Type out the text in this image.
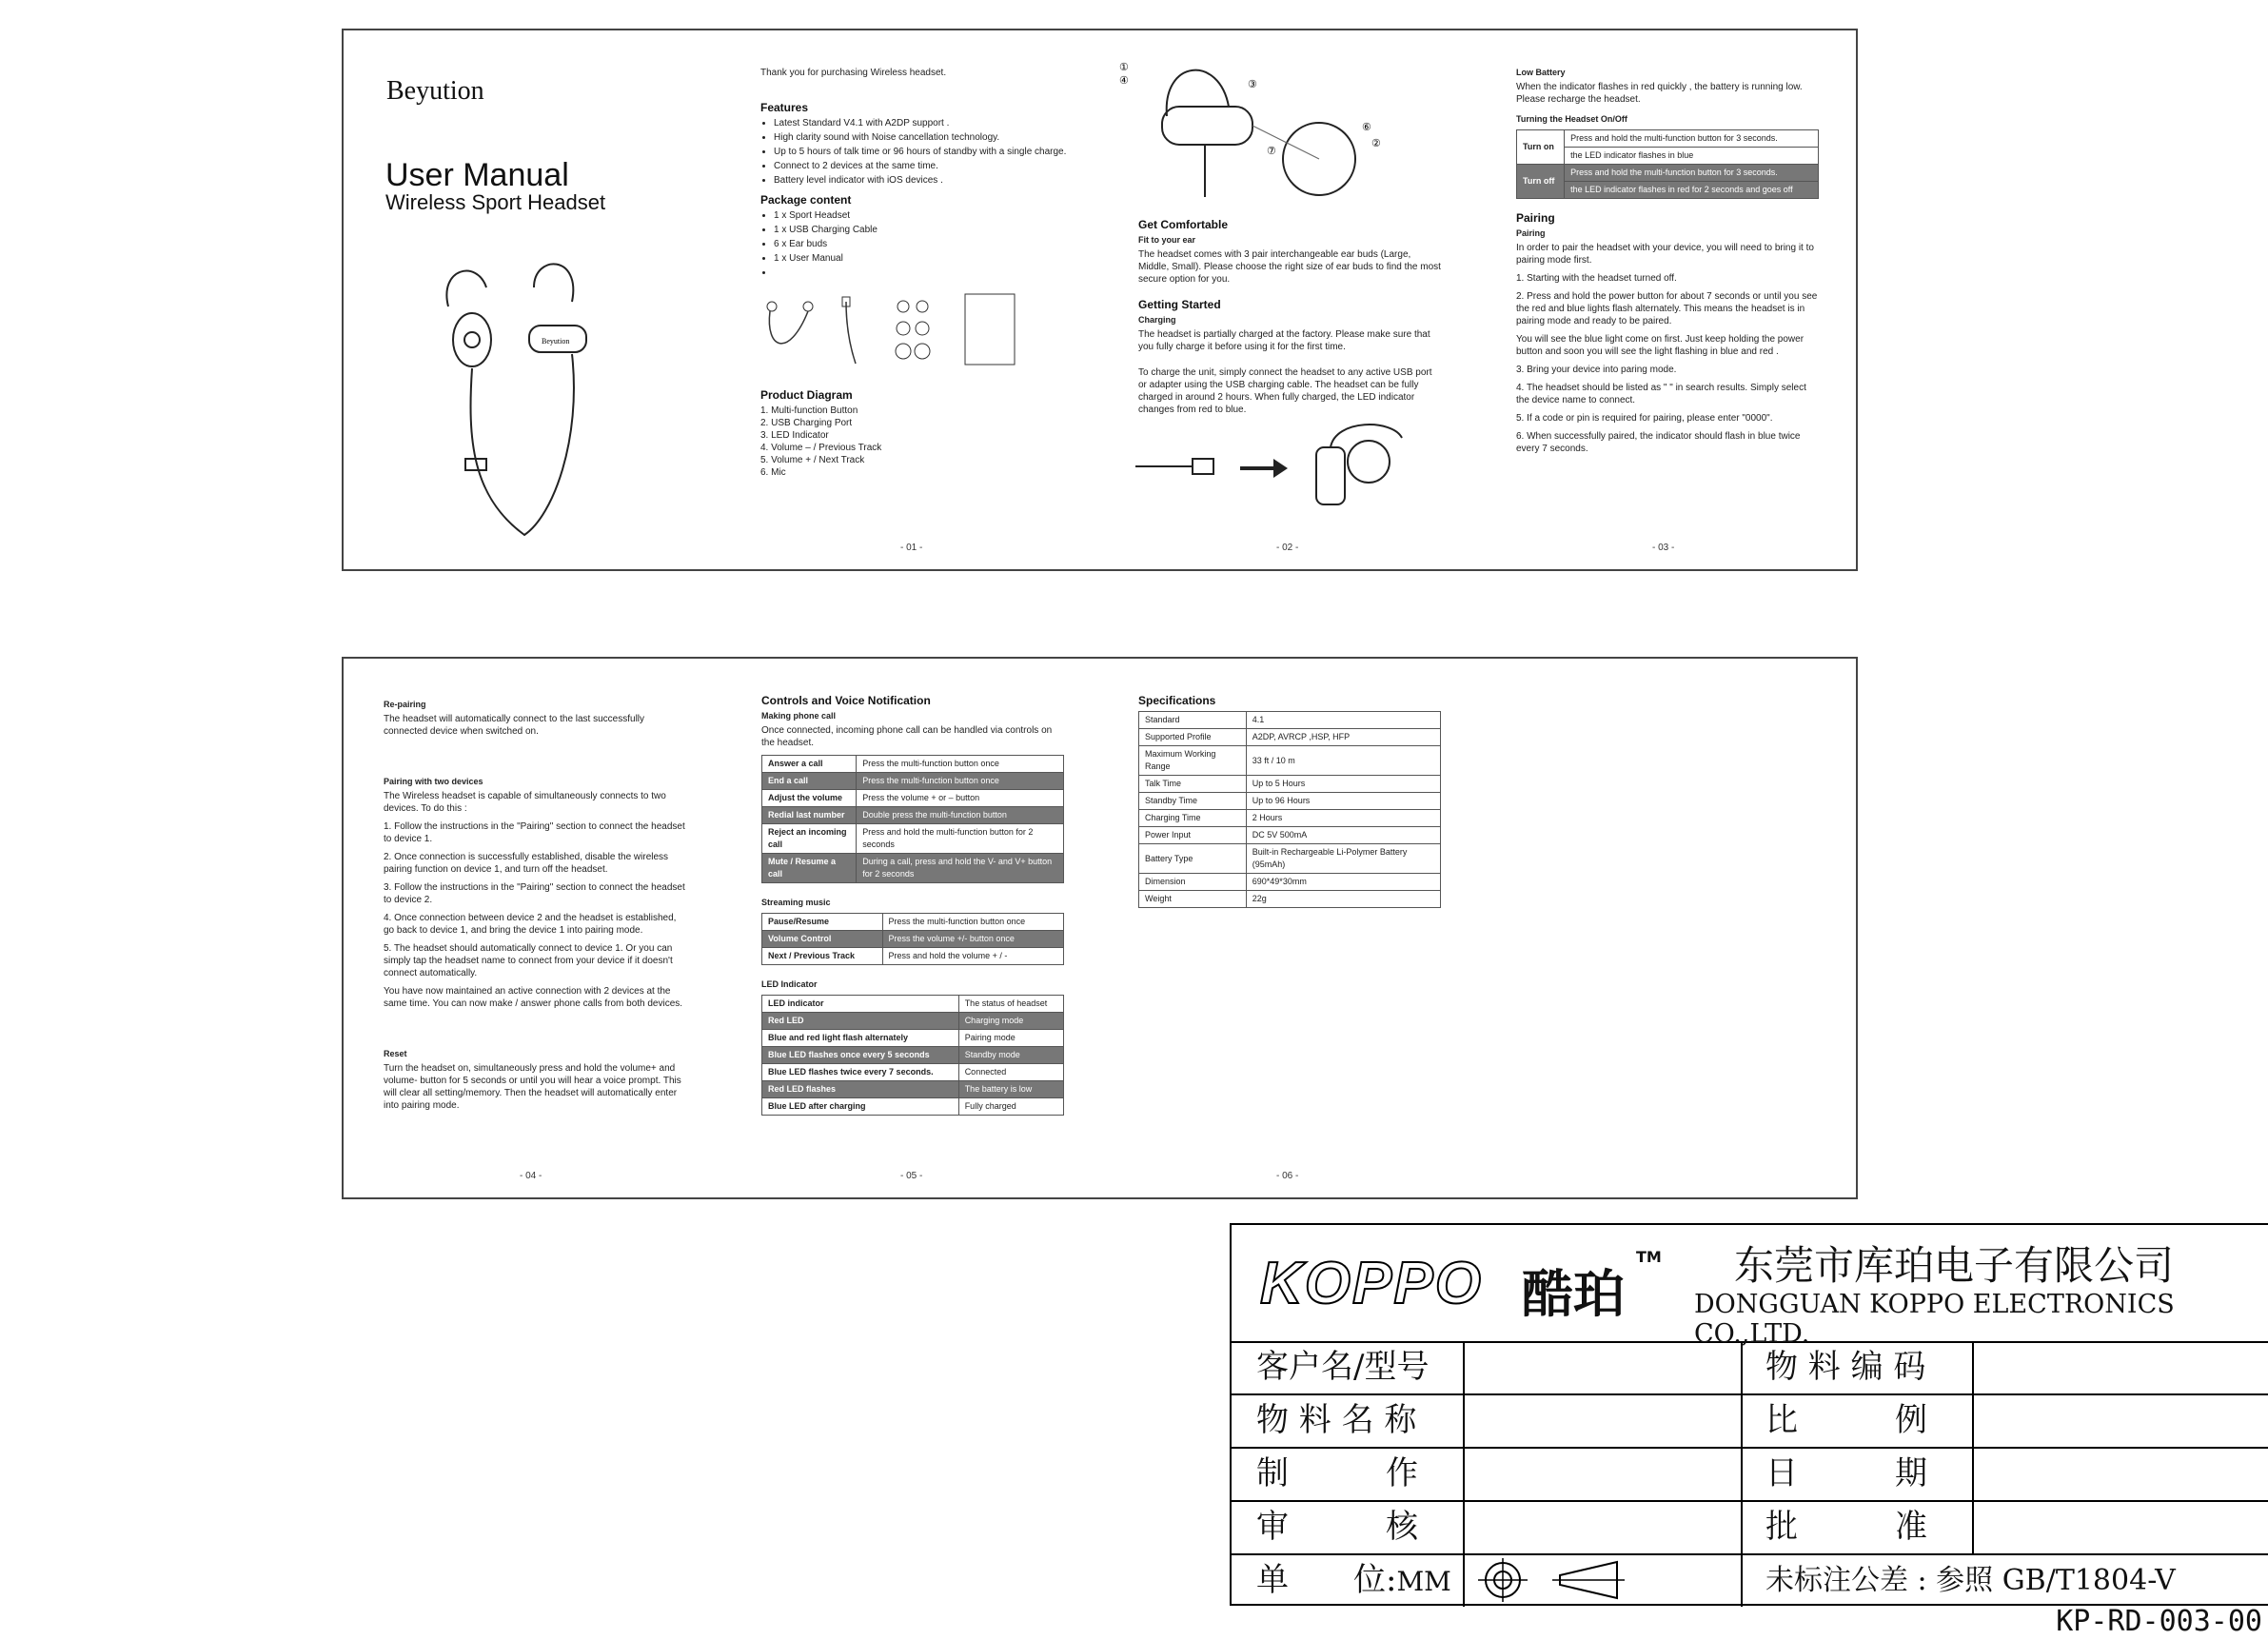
Beyution
User Manual
Wireless Sport Headset
Beyution
- 01 -

Thank you for purchasing Wireless headset.

Features
• Latest Standard V4.1 with A2DP support .
• High clarity sound with Noise cancellation technology.
• Up to 5 hours of talk time or 96 hours of standby with a single charge.
• Connect to 2 devices at the same time.
• Battery level indicator with iOS devices .
Package content
• 1 x Sport Headset
• 1 x USB Charging Cable
• 6 x Ear buds
• 1 x User Manual
•
Product Diagram
1. Multi-function Button
2. USB Charging Port
3. LED Indicator
4. Volume – / Previous Track
5. Volume + / Next Track
6. Mic
- 02 -
①
④	③
⑥
②
⑦
Get Comfortable
Fit to your ear

The headset comes with 3 pair interchangeable ear buds (Large, Middle, Small). Please choose the right size of ear buds to find the most secure option for you.

Getting Started
Charging

The headset is partially charged at the factory. Please make sure that you fully charge it before using it for the first time.

To charge the unit, simply connect the headset to any active USB port or adapter using the USB charging cable. The headset can be fully charged in around 2 hours. When fully charged, the LED indicator changes from red to blue.

- 03 -
Low Battery

When the indicator flashes in red quickly , the battery is running low. Please recharge the headset.

Turning the Headset On/Off
Turn on	Press and hold the multi-function button for 3 seconds.
	the LED indicator flashes in blue
Turn off	Press and hold the multi-function button for 3 seconds.
	the LED indicator flashes in red for 2 seconds and goes off
Pairing
Pairing

In order to pair the headset with your device, you will need to bring it to pairing mode first.

1. Starting with the headset turned off.

2. Press and hold the power button for about 7 seconds or until you see the red and blue lights flash alternately. This means the headset is in pairing mode and ready to be paired.

You will see the blue light come on first. Just keep holding the power button and soon you will see the light flashing in blue and red .

3. Bring your device into paring mode.

4. The headset should be listed as " " in search results. Simply select the device name to connect.

5. If a code or pin is required for pairing, please enter "0000".

6. When successfully paired, the indicator should flash in blue twice every 7 seconds.

Re-pairing

The headset will automatically connect to the last successfully connected device when switched on.

Pairing with two devices

The Wireless headset is capable of simultaneously connects to two devices. To do this :

1. Follow the instructions in the "Pairing" section to connect the headset to device 1.

2. Once connection is successfully established, disable the wireless pairing function on device 1, and turn off the headset.

3. Follow the instructions in the "Pairing" section to connect the headset to device 2.

4. Once connection between device 2 and the headset is established, go back to device 1, and bring the device 1 into pairing mode.

5. The headset should automatically connect to device 1. Or you can simply tap the headset name to connect from your device if it doesn't connect automatically.

You have now maintained an active connection with 2 devices at the same time. You can now make / answer phone calls from both devices.

Reset

Turn the headset on, simultaneously press and hold the volume+ and volume- button for 5 seconds or until you will hear a voice prompt. This will clear all setting/memory. Then the headset will automatically enter into pairing mode.

- 04 -
Controls and Voice Notification
Making phone call

Once connected, incoming phone call can be handled via controls on the headset.

Answer a call	Press the multi-function button once
End a call	Press the multi-function button once
Adjust the volume	Press the volume + or – button
Redial last number	Double press the multi-function button
Reject an incoming call	Press and hold the multi-function button for 2 seconds
Mute / Resume a call	During a call, press and hold the V- and V+ button for 2 seconds
Streaming music
Pause/Resume	Press the multi-function button once
Volume Control	Press the volume +/- button once
Next / Previous Track	Press and hold the volume + / -
LED Indicator
LED indicator	The status of headset
Red LED	Charging mode
Blue and red light flash alternately	Pairing mode
Blue LED flashes once every 5 seconds	Standby mode
Blue LED flashes twice every 7 seconds.	Connected
Red LED flashes	The battery is low
Blue LED after charging	Fully charged
- 05 -
Specifications
Standard	4.1
Supported Profile	A2DP, AVRCP ,HSP, HFP
Maximum Working Range	33 ft / 10 m
Talk Time	Up to 5 Hours
Standby Time	Up to 96 Hours
Charging Time	2 Hours
Power Input	DC 5V 500mA
Battery Type	Built-in Rechargeable Li-Polymer Battery (95mAh)
Dimension	690*49*30mm
Weight	22g
- 06 -
KOPPO 酷珀
TM 东莞市库珀电子有限公司
DONGGUAN KOPPO ELECTRONICS CO.,LTD.
客户名/型号	物 料 编 码
物 料 名 称	比　　　例
制　　　作	日　　　期
审　　　核	批　　　准
单　　位:MM	未标注公差 : 参照 GB/T1804-V
KP-RD-003-00
